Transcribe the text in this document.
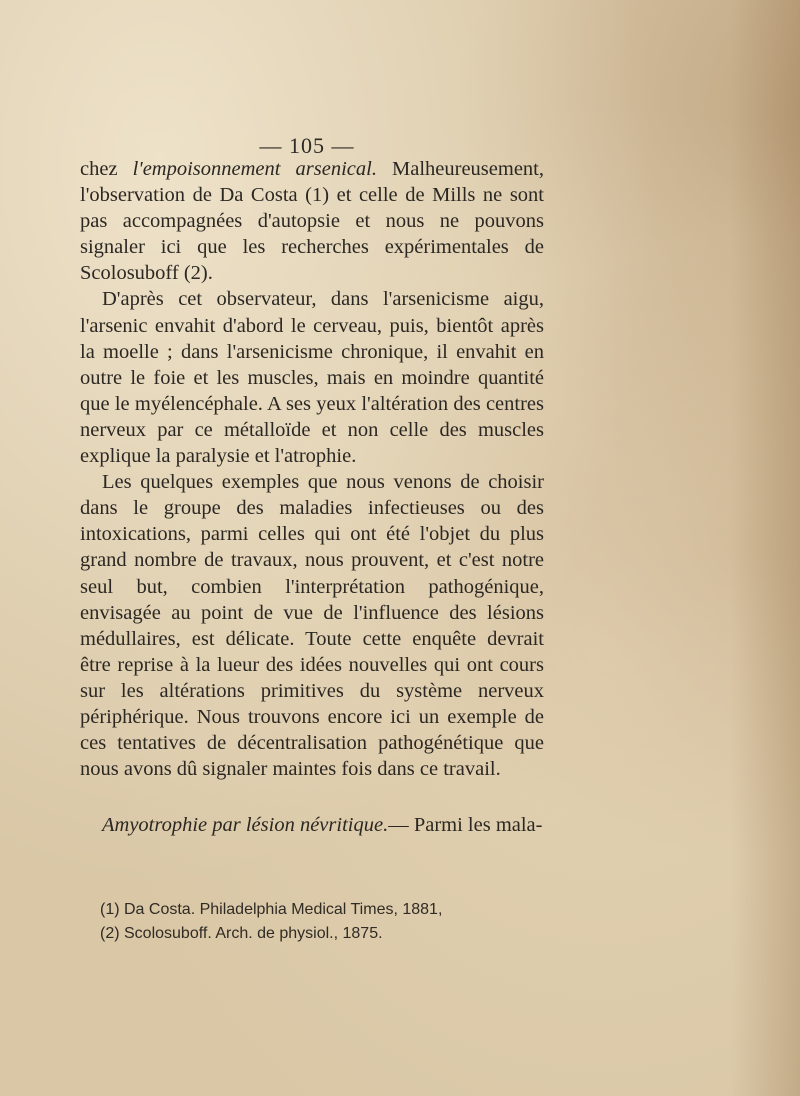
— 105 —

chez l'empoisonnement arsenical. Malheureusement, l'observation de Da Costa (1) et celle de Mills ne sont pas accompagnées d'autopsie et nous ne pouvons signaler ici que les recherches expérimentales de Scolosuboff (2).

D'après cet observateur, dans l'arsenicisme aigu, l'arsenic envahit d'abord le cerveau, puis, bientôt après la moelle ; dans l'arsenicisme chronique, il envahit en outre le foie et les muscles, mais en moindre quantité que le myélencéphale. A ses yeux l'altération des centres nerveux par ce métalloïde et non celle des muscles explique la paralysie et l'atrophie.

Les quelques exemples que nous venons de choisir dans le groupe des maladies infectieuses ou des intoxications, parmi celles qui ont été l'objet du plus grand nombre de travaux, nous prouvent, et c'est notre seul but, combien l'interprétation pathogénique, envisagée au point de vue de l'influence des lésions médullaires, est délicate. Toute cette enquête devrait être reprise à la lueur des idées nouvelles qui ont cours sur les altérations primitives du système nerveux périphérique. Nous trouvons encore ici un exemple de ces tentatives de décentralisation pathogénétique que nous avons dû signaler maintes fois dans ce travail.

Amyotrophie par lésion névritique.— Parmi les mala-

(1) Da Costa. Philadelphia Medical Times, 1881,
(2) Scolosuboff. Arch. de physiol., 1875.
